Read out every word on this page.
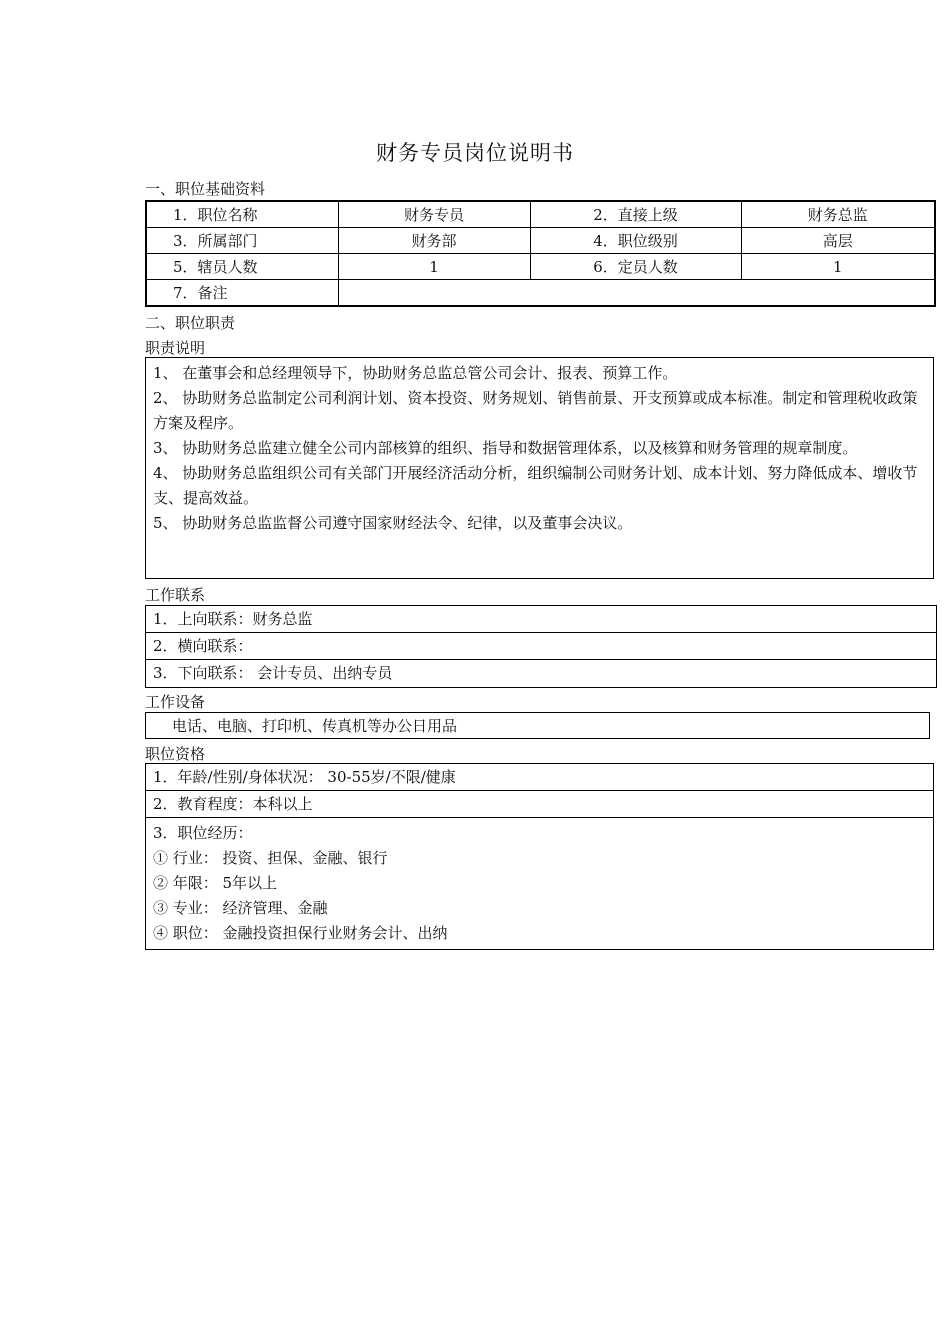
财务专员岗位说明书
一、职位基础资料
1．职位名称	财务专员	2．直接上级	财务总监
3．所属部门	财务部	4．职位级别	高层
5．辖员人数	1	6．定员人数	1
7．备注			
二、职位职责
职责说明

1、 在董事会和总经理领导下，协助财务总监总管公司会计、报表、预算工作。

2、 协助财务总监制定公司利润计划、资本投资、财务规划、销售前景、开支预算或成本标准。制定和管理税收政策方案及程序。

3、 协助财务总监建立健全公司内部核算的组织、指导和数据管理体系，以及核算和财务管理的规章制度。

4、 协助财务总监组织公司有关部门开展经济活动分析，组织编制公司财务计划、成本计划、努力降低成本、增收节支、提高效益。

5、 协助财务总监监督公司遵守国家财经法令、纪律，以及董事会决议。

工作联系
1．上向联系：财务总监
2．横向联系：
3．下向联系： 会计专员、出纳专员
工作设备
电话、电脑、打印机、传真机等办公日用品
职位资格
1．年龄/性别/身体状况： 30-55岁/不限/健康
2．教育程度：本科以上
3．职位经历：
① 行业： 投资、担保、金融、银行
② 年限： 5年以上
③ 专业： 经济管理、金融
④ 职位： 金融投资担保行业财务会计、出纳
